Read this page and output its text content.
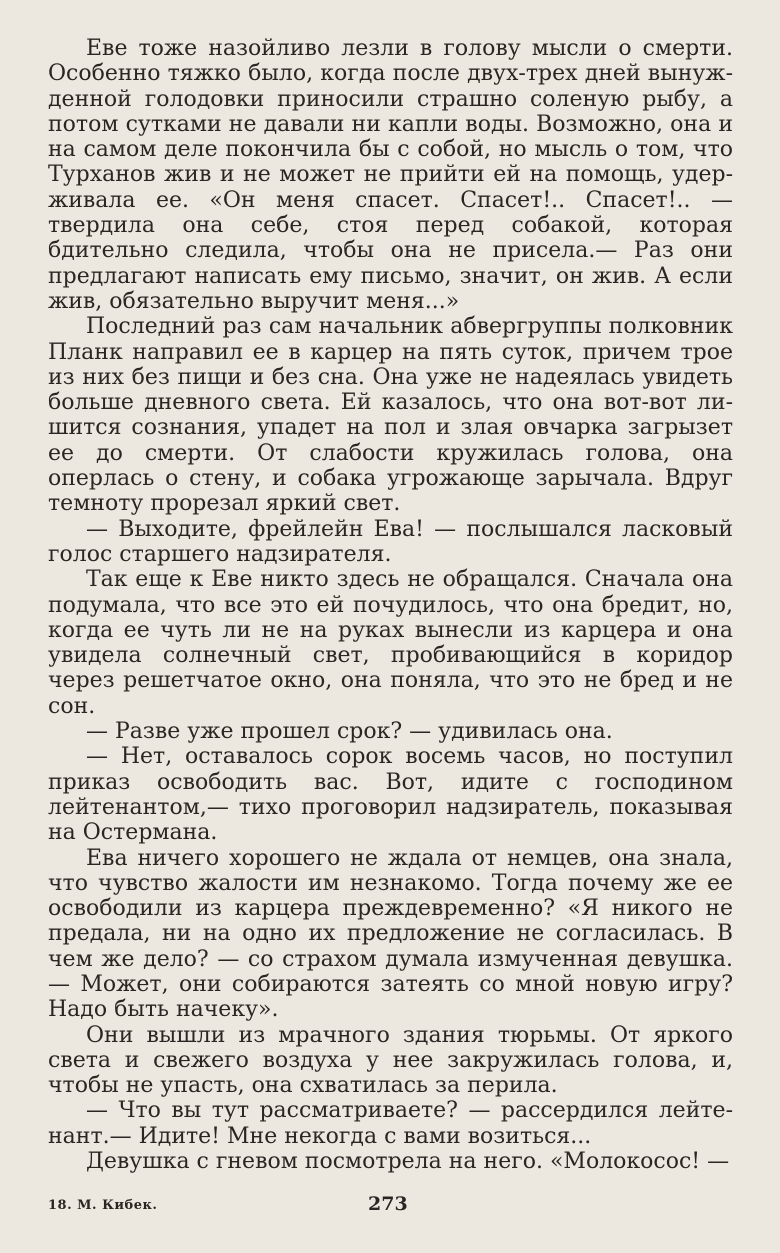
Еве тоже назойливо лезли в голову мысли о смерти. Особенно тяжко было, когда после двух-трех дней вынужденной голодовки приносили страшно соленую рыбу, а потом сутками не давали ни капли воды. Возможно, она и на самом деле покончила бы с собой, но мысль о том, что Турханов жив и не может не прийти ей на помощь, удерживала ее. «Он меня спасет. Спасет!.. Спасет!.. — твердила она себе, стоя перед собакой, которая бдительно следила, чтобы она не присела.— Раз они предлагают написать ему письмо, значит, он жив. А если жив, обязательно выручит меня...»

Последний раз сам начальник абвергруппы полковник Планк направил ее в карцер на пять суток, причем трое из них без пищи и без сна. Она уже не надеялась увидеть больше дневного света. Ей казалось, что она вот-вот лишится сознания, упадет на пол и злая овчарка загрызет ее до смерти. От слабости кружилась голова, она оперлась о стену, и собака угрожающе зарычала. Вдруг темноту прорезал яркий свет.

— Выходите, фрейлейн Ева! — послышался ласковый голос старшего надзирателя.

Так еще к Еве никто здесь не обращался. Сначала она подумала, что все это ей почудилось, что она бредит, но, когда ее чуть ли не на руках вынесли из карцера и она увидела солнечный свет, пробивающийся в коридор через решетчатое окно, она поняла, что это не бред и не сон.

— Разве уже прошел срок? — удивилась она.

— Нет, оставалось сорок восемь часов, но поступил приказ освободить вас. Вот, идите с господином лейтенантом,— тихо проговорил надзиратель, показывая на Остермана.

Ева ничего хорошего не ждала от немцев, она знала, что чувство жалости им незнакомо. Тогда почему же ее освободили из карцера преждевременно? «Я никого не предала, ни на одно их предложение не согласилась. В чем же дело? — со страхом думала измученная девушка.— Может, они собираются затеять со мной новую игру? Надо быть начеку».

Они вышли из мрачного здания тюрьмы. От яркого света и свежего воздуха у нее закружилась голова, и, чтобы не упасть, она схватилась за перила.

— Что вы тут рассматриваете? — рассердился лейтенант.— Идите! Мне некогда с вами возиться...

Девушка с гневом посмотрела на него. «Молокосос! —

18. М. Кибек.	273
